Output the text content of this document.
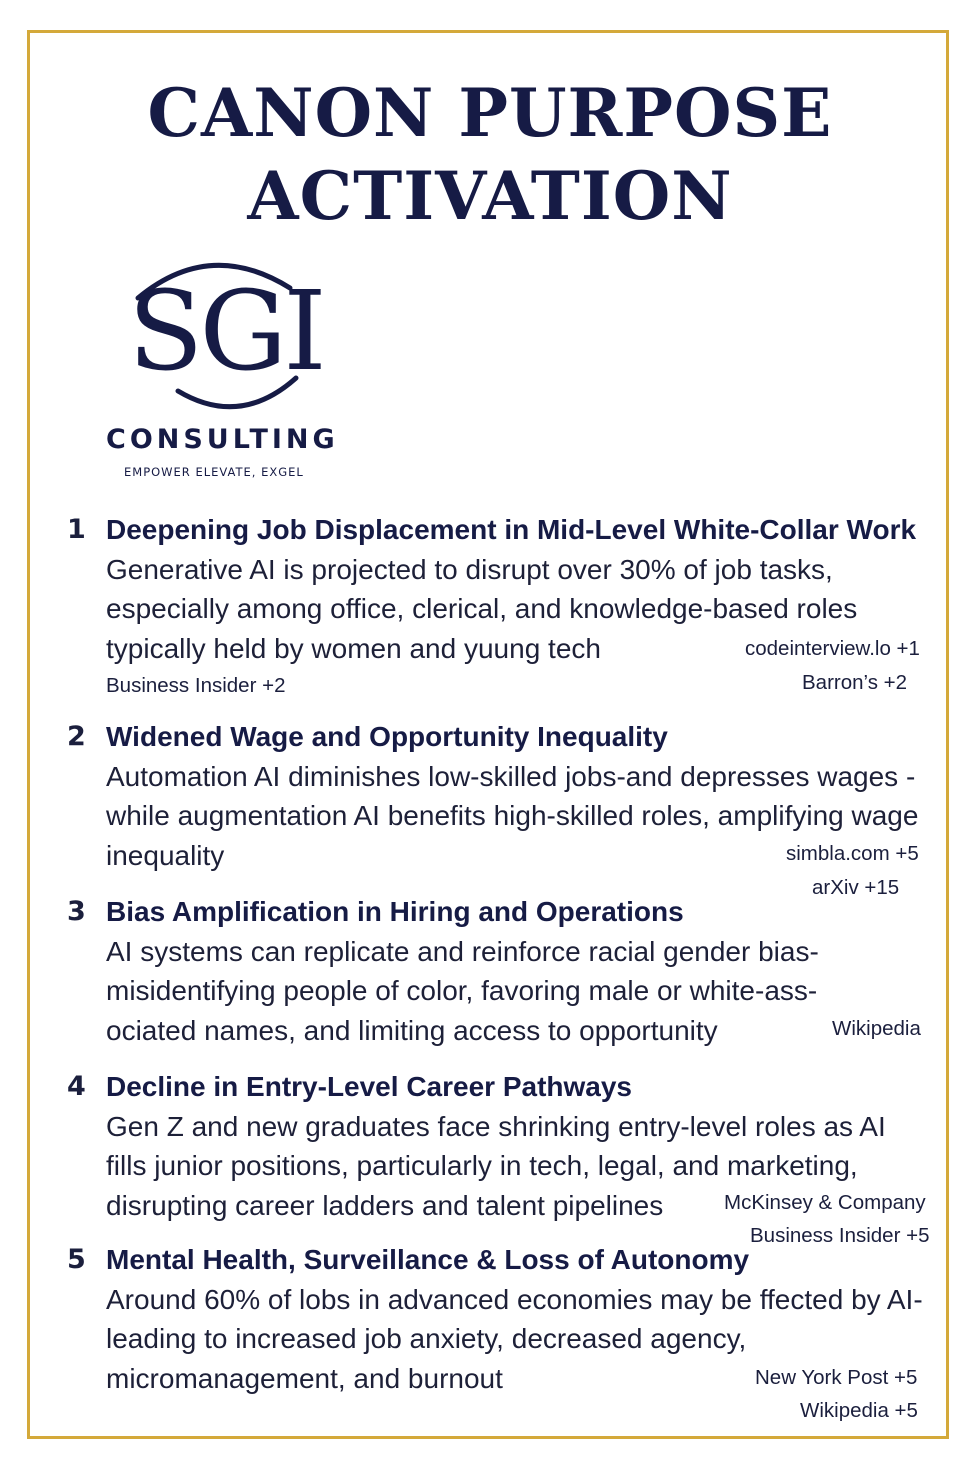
CANON PURPOSE
ACTIVATION
SGI
CONSULTING
EMPOWER ELEVATE, EXGEL
1 Deepening Job Displacement in Mid-Level White-Collar Work Generative AI is projected to disrupt over 30% of job tasks, especially among office, clerical, and knowledge-based roles typically held by women and yuung tech	codeinterview.lo +1
Business Insider +2	Barron’s +2
2 Widened Wage and Opportunity Inequality
Automation AI diminishes low-skilled jobs-and depresses wages -while augmentation AI benefits high-skilled roles, amplifying wage inequality	simbla.com +5
arXiv +15
3 Bias Amplification in Hiring and Operations
AI systems can replicate and reinforce racial gender bias-misidentifying people of color, favoring male or white-ass-ociated names, and limiting access to opportunity	Wikipedia
4 Decline in Entry-Level Career Pathways
Gen Z and new graduates face shrinking entry-level roles as AI fills junior positions, particularly in tech, legal, and marketing, disrupting career ladders and talent pipelines	McKinsey & Company
Business Insider +5
5 Mental Health, Surveillance & Loss of Autonomy
Around 60% of lobs in advanced economies may be ffected by AI-leading to increased job anxiety, decreased agency, micromanagement, and burnout	New York Post +5
Wikipedia +5
